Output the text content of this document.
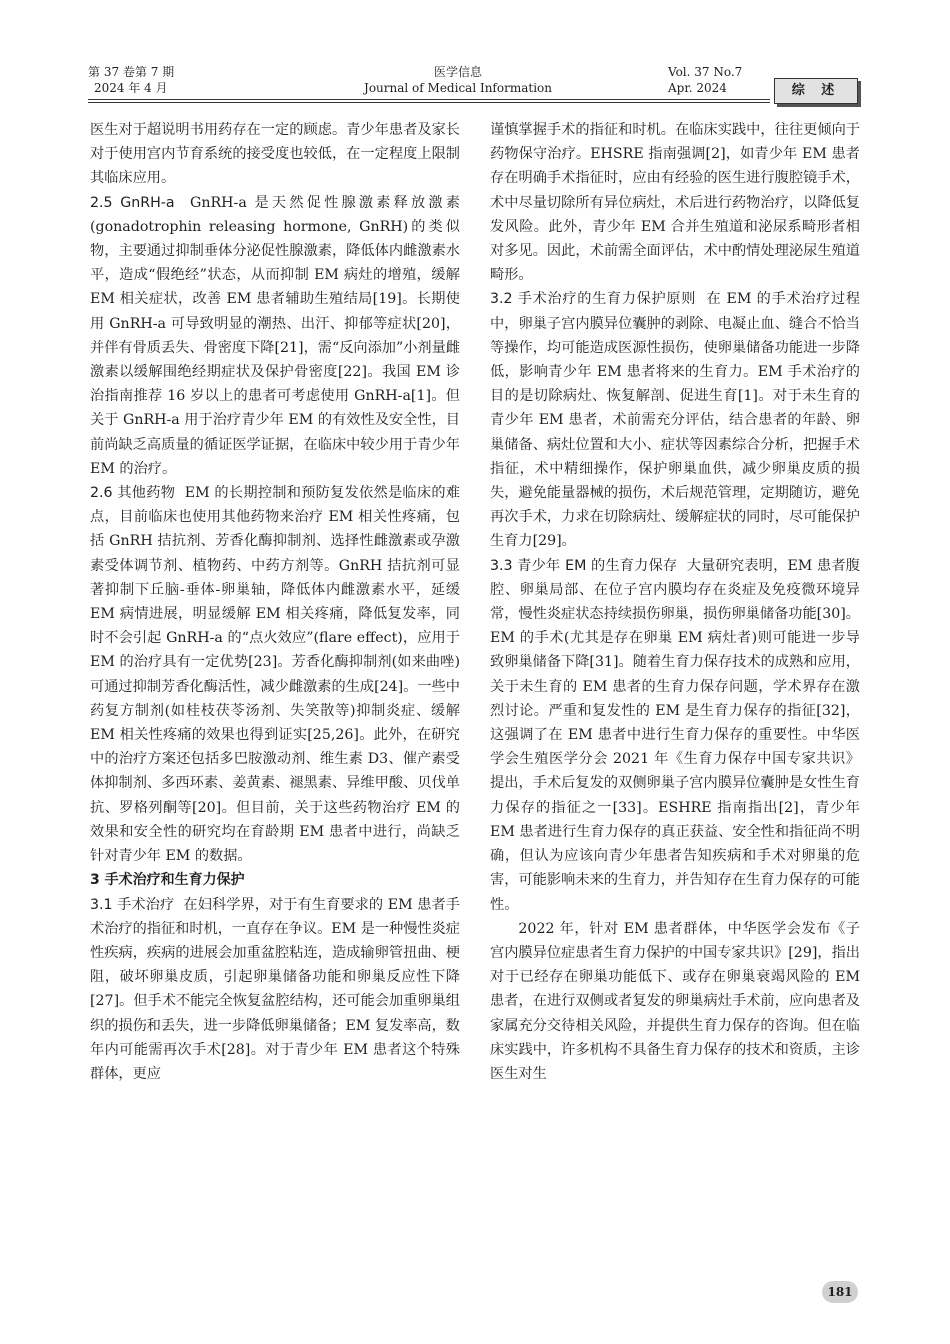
第 37 卷第 7 期
2024 年 4 月
医学信息
Journal of Medical Information
Vol. 37 No.7
Apr. 2024	综 述

医生对于超说明书用药存在一定的顾虑。青少年患者及家长对于使用宫内节育系统的接受度也较低，在一定程度上限制其临床应用。

2.5 GnRH-a GnRH-a 是天然促性腺激素释放激素(gonadotrophin releasing hormone, GnRH)的类似物，主要通过抑制垂体分泌促性腺激素，降低体内雌激素水平，造成“假绝经”状态，从而抑制 EM 病灶的增殖，缓解 EM 相关症状，改善 EM 患者辅助生殖结局[19]。长期使用 GnRH-a 可导致明显的潮热、出汗、抑郁等症状[20]，并伴有骨质丢失、骨密度下降[21]，需“反向添加”小剂量雌激素以缓解围绝经期症状及保护骨密度[22]。我国 EM 诊治指南推荐 16 岁以上的患者可考虑使用 GnRH-a[1]。但关于 GnRH-a 用于治疗青少年 EM 的有效性及安全性，目前尚缺乏高质量的循证医学证据，在临床中较少用于青少年 EM 的治疗。

2.6 其他药物 EM 的长期控制和预防复发依然是临床的难点，目前临床也使用其他药物来治疗 EM 相关性疼痛，包括 GnRH 拮抗剂、芳香化酶抑制剂、选择性雌激素或孕激素受体调节剂、植物药、中药方剂等。GnRH 拮抗剂可显著抑制下丘脑-垂体-卵巢轴，降低体内雌激素水平，延缓 EM 病情进展，明显缓解 EM 相关疼痛，降低复发率，同时不会引起 GnRH-a 的“点火效应”(flare effect)，应用于 EM 的治疗具有一定优势[23]。芳香化酶抑制剂(如来曲唑)可通过抑制芳香化酶活性，减少雌激素的生成[24]。一些中药复方制剂(如桂枝茯苓汤剂、失笑散等)抑制炎症、缓解 EM 相关性疼痛的效果也得到证实[25,26]。此外，在研究中的治疗方案还包括多巴胺激动剂、维生素 D3、催产素受体抑制剂、多西环素、姜黄素、褪黑素、异维甲酸、贝伐单抗、罗格列酮等[20]。但目前，关于这些药物治疗 EM 的效果和安全性的研究均在育龄期 EM 患者中进行，尚缺乏针对青少年 EM 的数据。

3 手术治疗和生育力保护

3.1 手术治疗 在妇科学界，对于有生育要求的 EM 患者手术治疗的指征和时机，一直存在争议。EM 是一种慢性炎症性疾病，疾病的进展会加重盆腔粘连，造成输卵管扭曲、梗阻，破坏卵巢皮质，引起卵巢储备功能和卵巢反应性下降[27]。但手术不能完全恢复盆腔结构，还可能会加重卵巢组织的损伤和丢失，进一步降低卵巢储备；EM 复发率高，数年内可能需再次手术[28]。对于青少年 EM 患者这个特殊群体，更应

谨慎掌握手术的指征和时机。在临床实践中，往往更倾向于药物保守治疗。EHSRE 指南强调[2]，如青少年 EM 患者存在明确手术指征时，应由有经验的医生进行腹腔镜手术，术中尽量切除所有异位病灶，术后进行药物治疗，以降低复发风险。此外，青少年 EM 合并生殖道和泌尿系畸形者相对多见。因此，术前需全面评估，术中酌情处理泌尿生殖道畸形。

3.2 手术治疗的生育力保护原则 在 EM 的手术治疗过程中，卵巢子宫内膜异位囊肿的剥除、电凝止血、缝合不恰当等操作，均可能造成医源性损伤，使卵巢储备功能进一步降低，影响青少年 EM 患者将来的生育力。EM 手术治疗的目的是切除病灶、恢复解剖、促进生育[1]。对于未生育的青少年 EM 患者，术前需充分评估，结合患者的年龄、卵巢储备、病灶位置和大小、症状等因素综合分析，把握手术指征，术中精细操作，保护卵巢血供，减少卵巢皮质的损失，避免能量器械的损伤，术后规范管理，定期随访，避免再次手术，力求在切除病灶、缓解症状的同时，尽可能保护生育力[29]。

3.3 青少年 EM 的生育力保存 大量研究表明，EM 患者腹腔、卵巢局部、在位子宫内膜均存在炎症及免疫微环境异常，慢性炎症状态持续损伤卵巢，损伤卵巢储备功能[30]。EM 的手术(尤其是存在卵巢 EM 病灶者)则可能进一步导致卵巢储备下降[31]。随着生育力保存技术的成熟和应用，关于未生育的 EM 患者的生育力保存问题，学术界存在激烈讨论。严重和复发性的 EM 是生育力保存的指征[32]，这强调了在 EM 患者中进行生育力保存的重要性。中华医学会生殖医学分会 2021 年《生育力保存中国专家共识》提出，手术后复发的双侧卵巢子宫内膜异位囊肿是女性生育力保存的指征之一[33]。ESHRE 指南指出[2]，青少年 EM 患者进行生育力保存的真正获益、安全性和指征尚不明确，但认为应该向青少年患者告知疾病和手术对卵巢的危害，可能影响未来的生育力，并告知存在生育力保存的可能性。

2022 年，针对 EM 患者群体，中华医学会发布《子宫内膜异位症患者生育力保护的中国专家共识》[29]，指出对于已经存在卵巢功能低下、或存在卵巢衰竭风险的 EM 患者，在进行双侧或者复发的卵巢病灶手术前，应向患者及家属充分交待相关风险，并提供生育力保存的咨询。但在临床实践中，许多机构不具备生育力保存的技术和资质，主诊医生对生

181
